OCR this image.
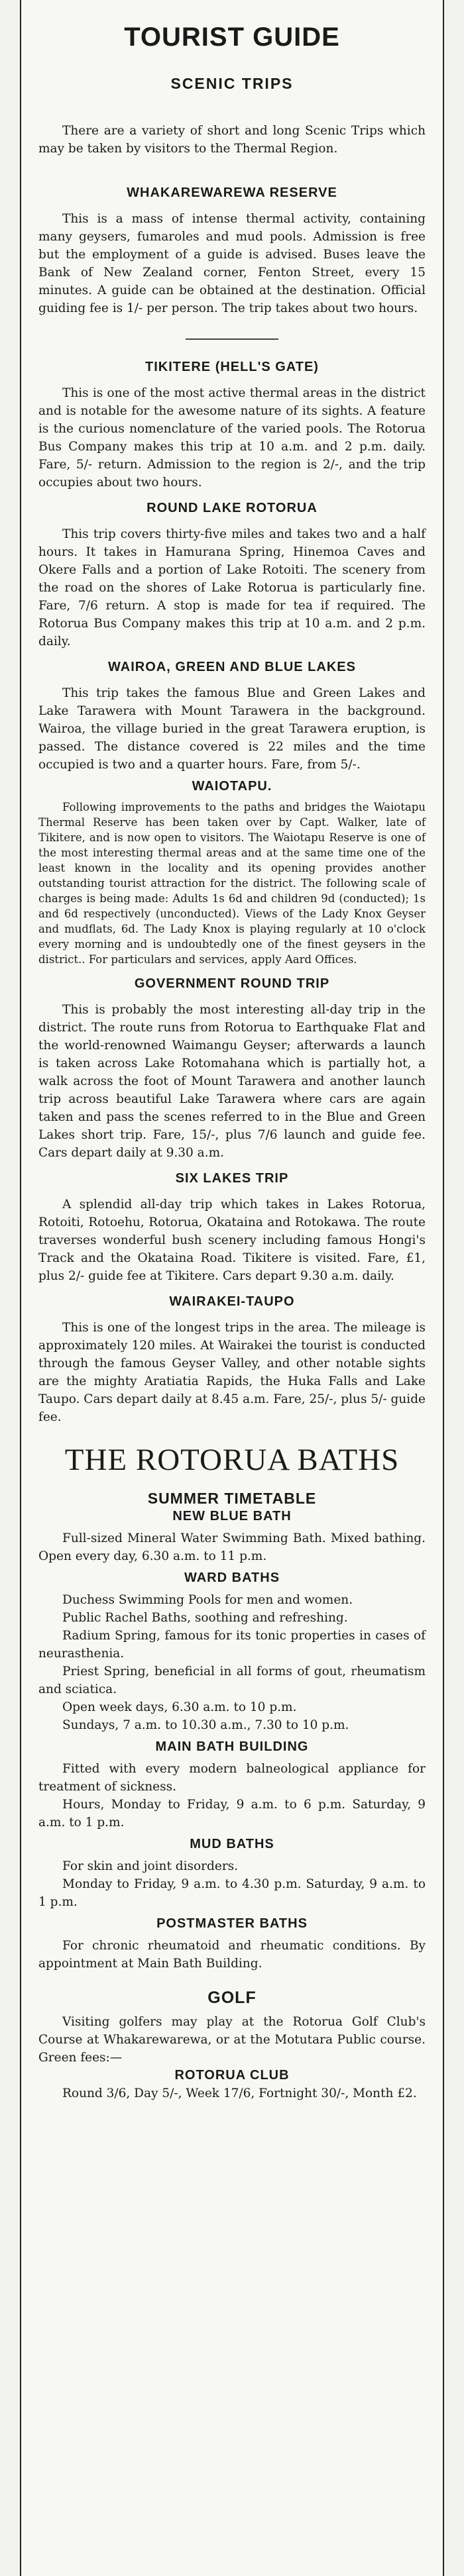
TOURIST GUIDE
SCENIC TRIPS

There are a variety of short and long Scenic Trips which may be taken by visitors to the Thermal Region.

WHAKAREWAREWA RESERVE

This is a mass of intense thermal activity, containing many geysers, fumaroles and mud pools. Admission is free but the employment of a guide is advised. Buses leave the Bank of New Zealand corner, Fenton Street, every 15 minutes. A guide can be obtained at the destination. Official guiding fee is 1/- per person. The trip takes about two hours.

TIKITERE (HELL'S GATE)

This is one of the most active thermal areas in the district and is notable for the awesome nature of its sights. A feature is the curious nomenclature of the varied pools. The Rotorua Bus Company makes this trip at 10 a.m. and 2 p.m. daily. Fare, 5/- return. Admission to the region is 2/-, and the trip occupies about two hours.

ROUND LAKE ROTORUA

This trip covers thirty-five miles and takes two and a half hours. It takes in Hamurana Spring, Hinemoa Caves and Okere Falls and a portion of Lake Rotoiti. The scenery from the road on the shores of Lake Rotorua is particularly fine. Fare, 7/6 return. A stop is made for tea if required. The Rotorua Bus Company makes this trip at 10 a.m. and 2 p.m. daily.

WAIROA, GREEN AND BLUE LAKES

This trip takes the famous Blue and Green Lakes and Lake Tarawera with Mount Tarawera in the background. Wairoa, the village buried in the great Tarawera eruption, is passed. The distance covered is 22 miles and the time occupied is two and a quarter hours. Fare, from 5/-.

WAIOTAPU.

Following improvements to the paths and bridges the Waiotapu Thermal Reserve has been taken over by Capt. Walker, late of Tikitere, and is now open to visitors. The Waiotapu Reserve is one of the most interesting thermal areas and at the same time one of the least known in the locality and its opening provides another outstanding tourist attraction for the district. The following scale of charges is being made: Adults 1s 6d and children 9d (conducted); 1s and 6d respectively (unconducted). Views of the Lady Knox Geyser and mudflats, 6d. The Lady Knox is playing regularly at 10 o'clock every morning and is undoubtedly one of the finest geysers in the district.. For particulars and services, apply Aard Offices.

GOVERNMENT ROUND TRIP

This is probably the most interesting all-day trip in the district. The route runs from Rotorua to Earthquake Flat and the world-renowned Waimangu Geyser; afterwards a launch is taken across Lake Rotomahana which is partially hot, a walk across the foot of Mount Tarawera and another launch trip across beautiful Lake Tarawera where cars are again taken and pass the scenes referred to in the Blue and Green Lakes short trip. Fare, 15/-, plus 7/6 launch and guide fee. Cars depart daily at 9.30 a.m.

SIX LAKES TRIP

A splendid all-day trip which takes in Lakes Rotorua, Rotoiti, Rotoehu, Rotorua, Okataina and Rotokawa. The route traverses wonderful bush scenery including famous Hongi's Track and the Okataina Road. Tikitere is visited. Fare, £1, plus 2/- guide fee at Tikitere. Cars depart 9.30 a.m. daily.

WAIRAKEI-TAUPO

This is one of the longest trips in the area. The mileage is approximately 120 miles. At Wairakei the tourist is conducted through the famous Geyser Valley, and other notable sights are the mighty Aratiatia Rapids, the Huka Falls and Lake Taupo. Cars depart daily at 8.45 a.m. Fare, 25/-, plus 5/- guide fee.

THE ROTORUA BATHS
SUMMER TIMETABLE
NEW BLUE BATH

Full-sized Mineral Water Swimming Bath. Mixed bathing. Open every day, 6.30 a.m. to 11 p.m.

WARD BATHS

Duchess Swimming Pools for men and women.

Public Rachel Baths, soothing and refreshing.

Radium Spring, famous for its tonic properties in cases of neurasthenia.

Priest Spring, beneficial in all forms of gout, rheumatism and sciatica.

Open week days, 6.30 a.m. to 10 p.m.

Sundays, 7 a.m. to 10.30 a.m., 7.30 to 10 p.m.

MAIN BATH BUILDING

Fitted with every modern balneological appliance for treatment of sickness.

Hours, Monday to Friday, 9 a.m. to 6 p.m. Saturday, 9 a.m. to 1 p.m.

MUD BATHS

For skin and joint disorders.

Monday to Friday, 9 a.m. to 4.30 p.m. Saturday, 9 a.m. to 1 p.m.

POSTMASTER BATHS

For chronic rheumatoid and rheumatic conditions. By appointment at Main Bath Building.

GOLF

Visiting golfers may play at the Rotorua Golf Club's Course at Whakarewarewa, or at the Motutara Public course. Green fees:—

ROTORUA CLUB

Round 3/6, Day 5/-, Week 17/6, Fortnight 30/-, Month £2.
